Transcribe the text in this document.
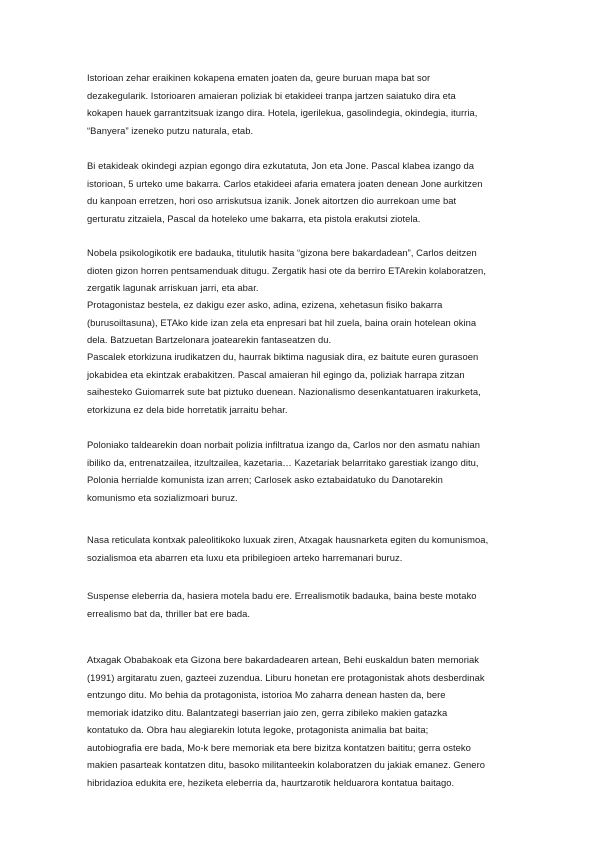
Istorioan zehar eraikinen kokapena ematen joaten da, geure buruan mapa bat sor
dezakegularik. Istorioaren amaieran poliziak bi etakideei tranpa jartzen saiatuko dira eta
kokapen hauek garrantzitsuak izango dira. Hotela, igerilekua, gasolindegia, okindegia, iturria,
“Banyera” izeneko putzu naturala, etab.
Bi etakideak okindegi azpian egongo dira ezkutatuta, Jon eta Jone. Pascal klabea izango da
istorioan, 5 urteko ume bakarra. Carlos etakideei afaria ematera joaten denean Jone aurkitzen
du kanpoan erretzen, hori oso arriskutsua izanik. Jonek aitortzen dio aurrekoan ume bat
gerturatu zitzaiela, Pascal da hoteleko ume bakarra, eta pistola erakutsi ziotela.
Nobela psikologikotik ere badauka, titulutik hasita “gizona bere bakardadean”, Carlos deitzen
dioten gizon horren pentsamenduak ditugu. Zergatik hasi ote da berriro ETArekin kolaboratzen,
zergatik lagunak arriskuan jarri, eta abar.
Protagonistaz bestela, ez dakigu ezer asko, adina, ezizena, xehetasun fisiko bakarra
(burusoiltasuna), ETAko kide izan zela eta enpresari bat hil zuela, baina orain hotelean okina
dela. Batzuetan Bartzelonara joatearekin fantaseatzen du.
Pascalek etorkizuna irudikatzen du, haurrak biktima nagusiak dira, ez baitute euren gurasoen
jokabidea eta ekintzak erabakitzen. Pascal amaieran hil egingo da, poliziak harrapa zitzan
saihesteko Guiomarrek sute bat piztuko duenean. Nazionalismo desenkantatuaren irakurketa,
etorkizuna ez dela bide horretatik jarraitu behar.
Poloniako taldearekin doan norbait polizia infiltratua izango da, Carlos nor den asmatu nahian
ibiliko da, entrenatzailea, itzultzailea, kazetaria… Kazetariak belarritako garestiak izango ditu,
Polonia herrialde komunista izan arren; Carlosek asko eztabaidatuko du Danotarekin
komunismo eta sozializmoari buruz.
Nasa reticulata kontxak paleolitikoko luxuak ziren, Atxagak hausnarketa egiten du komunismoa,
sozialismoa eta abarren eta luxu eta pribilegioen arteko harremanari buruz.
Suspense eleberria da, hasiera motela badu ere. Errealismotik badauka, baina beste motako
errealismo bat da, thriller bat ere bada.
Atxagak Obabakoak eta Gizona bere bakardadearen artean, Behi euskaldun baten memoriak
(1991) argitaratu zuen, gazteei zuzendua. Liburu honetan ere protagonistak ahots desberdinak
entzungo ditu. Mo behia da protagonista, istorioa Mo zaharra denean hasten da, bere
memoriak idatziko ditu. Balantzategi baserrian jaio zen, gerra zibileko makien gatazka
kontatuko da. Obra hau alegiarekin lotuta legoke, protagonista animalia bat baita;
autobiografia ere bada, Mo-k bere memoriak eta bere bizitza kontatzen baititu; gerra osteko
makien pasarteak kontatzen ditu, basoko militanteekin kolaboratzen du jakiak emanez. Genero
hibridazioa edukita ere, heziketa eleberria da, haurtzarotik helduarora kontatua baitago.
